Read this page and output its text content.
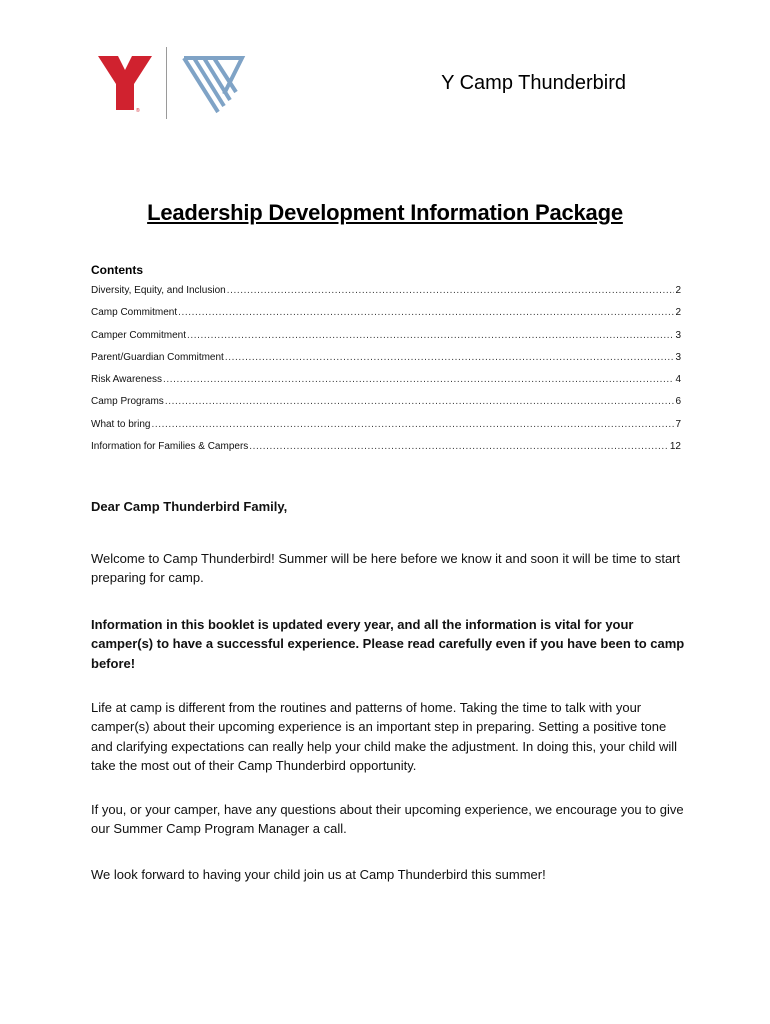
®
Y Camp Thunderbird
Leadership Development Information Package
Contents
Diversity, Equity, and Inclusion .....	2
Camp Commitment .....	2
Camper Commitment .....	3
Parent/Guardian Commitment .....	3
Risk Awareness .....	4
Camp Programs .....	6
What to bring .....	7
Information for Families & Campers .....	12
Dear Camp Thunderbird Family,
Welcome to Camp Thunderbird! Summer will be here before we know it and soon it will be time to start preparing for camp.
Information in this booklet is updated every year, and all the information is vital for your camper(s) to have a successful experience. Please read carefully even if you have been to camp before!
Life at camp is different from the routines and patterns of home. Taking the time to talk with your camper(s) about their upcoming experience is an important step in preparing. Setting a positive tone and clarifying expectations can really help your child make the adjustment. In doing this, your child will take the most out of their Camp Thunderbird opportunity.
If you, or your camper, have any questions about their upcoming experience, we encourage you to give our Summer Camp Program Manager a call.
We look forward to having your child join us at Camp Thunderbird this summer!
